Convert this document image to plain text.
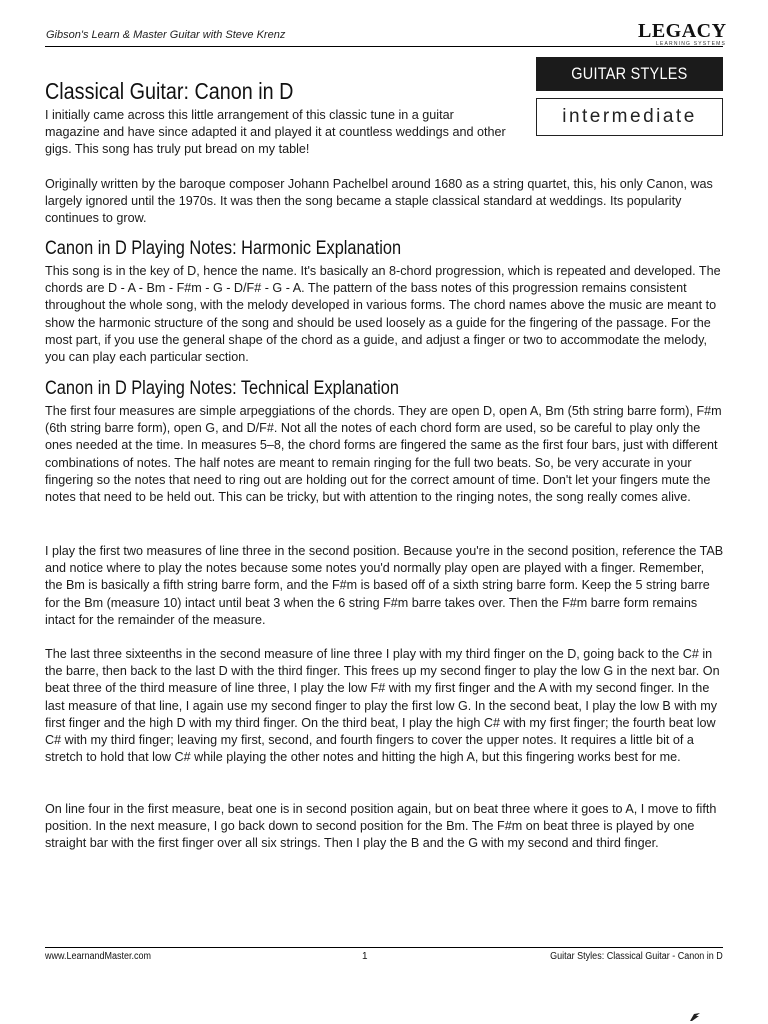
Gibson's Learn & Master Guitar with Steve Krenz	LEGACY
LEARNING SYSTEMS
GUITAR STYLES
intermediate
Classical Guitar: Canon in D

I initially came across this little arrangement of this classic tune in a guitar magazine and have since adapted it and played it at countless weddings and other gigs. This song has truly put bread on my table!

Originally written by the baroque composer Johann Pachelbel around 1680 as a string quartet, this, his only Canon, was largely ignored until the 1970s. It was then the song became a staple classical standard at weddings. Its popularity continues to grow.

Canon in D Playing Notes: Harmonic Explanation

This song is in the key of D, hence the name. It's basically an 8-chord progression, which is repeated and developed. The chords are D - A - Bm - F#m - G - D/F# - G - A. The pattern of the bass notes of this progression remains consistent throughout the whole song, with the melody developed in various forms. The chord names above the music are meant to show the harmonic structure of the song and should be used loosely as a guide for the fingering of the passage. For the most part, if you use the general shape of the chord as a guide, and adjust a finger or two to accommodate the melody, you can play each particular section.

Canon in D Playing Notes: Technical Explanation

The first four measures are simple arpeggiations of the chords. They are open D, open A, Bm (5th string barre form), F#m (6th string barre form), open G, and D/F#. Not all the notes of each chord form are used, so be careful to play only the ones needed at the time. In measures 5–8, the chord forms are fingered the same as the first four bars, just with different combinations of notes. The half notes are meant to remain ringing for the full two beats. So, be very accurate in your fingering so the notes that need to ring out are holding out for the correct amount of time. Don't let your fingers mute the notes that need to be held out. This can be tricky, but with attention to the ringing notes, the song really comes alive.

I play the first two measures of line three in the second position. Because you're in the second position, reference the TAB and notice where to play the notes because some notes you'd normally play open are played with a finger. Remember, the Bm is basically a fifth string barre form, and the F#m is based off of a sixth string barre form. Keep the 5 string barre for the Bm (measure 10) intact until beat 3 when the 6 string F#m barre takes over. Then the F#m barre form remains intact for the remainder of the measure.

The last three sixteenths in the second measure of line three I play with my third finger on the D, going back to the C# in the barre, then back to the last D with the third finger. This frees up my second finger to play the low G in the next bar. On beat three of the third measure of line three, I play the low F# with my first finger and the A with my second finger. In the last measure of that line, I again use my second finger to play the first low G. In the second beat, I play the low B with my first finger and the high D with my third finger. On the third beat, I play the high C# with my first finger; the fourth beat low C# with my third finger; leaving my first, second, and fourth fingers to cover the upper notes. It requires a little bit of a stretch to hold that low C# while playing the other notes and hitting the high A, but this fingering works best for me.

On line four in the first measure, beat one is in second position again, but on beat three where it goes to A, I move to fifth position. In the next measure, I go back down to second position for the Bm. The F#m on beat three is played by one straight bar with the first finger over all six strings. Then I play the B and the G with my second and third finger.

www.LearnandMaster.com	1	Guitar Styles: Classical Guitar - Canon in D
